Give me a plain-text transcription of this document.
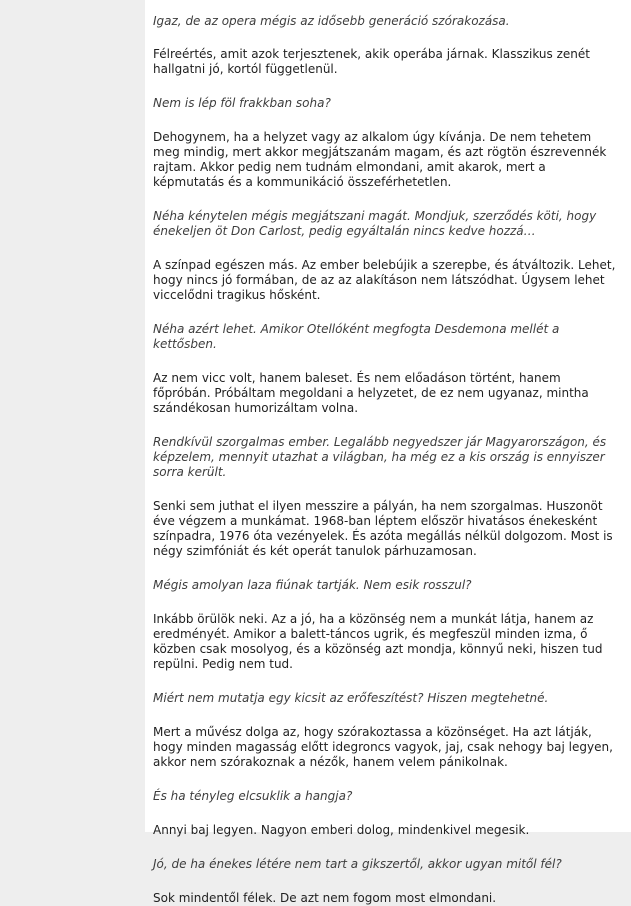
Igaz, de az opera mégis az idősebb generáció szórakozása.

Félreértés, amit azok terjesztenek, akik operába járnak. Klasszikus zenét hallgatni jó, kortól függetlenül.

Nem is lép föl frakkban soha?

Dehogynem, ha a helyzet vagy az alkalom úgy kívánja. De nem tehetem meg mindig, mert akkor megjátszanám magam, és azt rögtön észrevennék rajtam. Akkor pedig nem tudnám elmondani, amit akarok, mert a képmutatás és a kommunikáció összeférhetetlen.

Néha kénytelen mégis megjátszani magát. Mondjuk, szerződés köti, hogy énekeljen öt Don Carlost, pedig egyáltalán nincs kedve hozzá…

A színpad egészen más. Az ember belebújik a szerepbe, és átváltozik. Lehet, hogy nincs jó formában, de az az alakításon nem látszódhat. Úgysem lehet viccelődni tragikus hősként.

Néha azért lehet. Amikor Otellóként megfogta Desdemona mellét a kettősben.

Az nem vicc volt, hanem baleset. És nem előadáson történt, hanem főpróbán. Próbáltam megoldani a helyzetet, de ez nem ugyanaz, mintha szándékosan humorizáltam volna.

Rendkívül szorgalmas ember. Legalább negyedszer jár Magyarországon, és képzelem, mennyit utazhat a világban, ha még ez a kis ország is ennyiszer sorra került.

Senki sem juthat el ilyen messzire a pályán, ha nem szorgalmas. Huszonöt éve végzem a munkámat. 1968-ban léptem először hivatásos énekesként színpadra, 1976 óta vezényelek. És azóta megállás nélkül dolgozom. Most is négy szimfóniát és két operát tanulok párhuzamosan.

Mégis amolyan laza fiúnak tartják. Nem esik rosszul?

Inkább örülök neki. Az a jó, ha a közönség nem a munkát látja, hanem az eredményét. Amikor a balett-táncos ugrik, és megfeszül minden izma, ő közben csak mosolyog, és a közönség azt mondja, könnyű neki, hiszen tud repülni. Pedig nem tud.

Miért nem mutatja egy kicsit az erőfeszítést? Hiszen megtehetné.

Mert a művész dolga az, hogy szórakoztassa a közönséget. Ha azt látják, hogy minden magasság előtt idegroncs vagyok, jaj, csak nehogy baj legyen, akkor nem szórakoznak a nézők, hanem velem pánikolnak.

És ha tényleg elcsuklik a hangja?

Annyi baj legyen. Nagyon emberi dolog, mindenkivel megesik.

Jó, de ha énekes létére nem tart a gikszertől, akkor ugyan mitől fél?

Sok mindentől félek. De azt nem fogom most elmondani.
